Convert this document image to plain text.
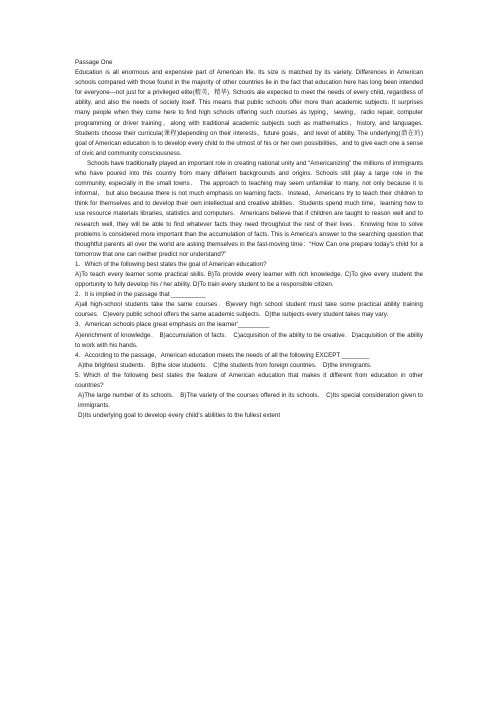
Passage One
Education is all enormous and expensive part of American life. Its size is matched by its variety. Differences in American schools compared with those found in the majority of other countries lie in the fact that education here has long been intended for everyone—not just for a privileged elite(精英，精华). Schools ale expected to meet the needs of every child, regardless of ability, and also the needs of society itself. This means that public schools offer more than academic subjects. It surprises many people when they come here to find high schools offering such courses as typing，sewing，radio repair, computer programming or driver training，along with traditional academic subjects such as mathematics，history, and languages. Students choose their curricula(课程)depending on their interests，future goals，and level of ability. The underlying(潜在的) goal of American education is to develop every child to the utmost of his or her own possibilities，and to give each one a sense of civic and community consciousness.
Schools have traditionally played an important role in creating national unity and “Americanizing” the millions of immigrants who have poured into this country from many different backgrounds and origins. Schools still play a large role in the community, especially in the small towns． The approach to teaching may seem unfamiliar to many, not only because it is informal， but also because there is not much emphasis on learning facts．Instead，Americans try to teach their children to think for themselves and to develop their own intellectual and creative abilities．Students spend much time，learning how to use resource materials libraries, statistics and computers．Americans believe that if children are taught to reason well and to research well, they will be able to find whatever facts they need throughout the rest of their lives．Knowing how to solve problems is considered more important than the accumulation of facts. This is America's answer to the searching question that thoughtful parents all over the world are asking themselves in the fast-moving time：“How Can one prepare today's child for a tomorrow that one can neither predict nor understand?”
1．Which of the following best states the goal of American education?
A)To teach every learner some practical skills. B)To provide every learner with rich knowledge. C)To give every student the opportunity to fully develop his / her ability. D)To train every student to be a responsible citizen.
2．It is implied in the passage that __________
A)all high-school students take the same courses．B)every high school student must take some practical ability training courses．C)every public school offers the same academic subjects．D)the subjects every student takes may vary．
3．American schools place great emphasis on the learner'_________
A)enrichment of knowledge． B)accumulation of facts． C)acquisition of the ability to be creative．D)acquisition of the ability to work with his hands.
4．According to the passage，American education meets the needs of all the following EXCEPT ________
A)the brightest students． B)the slow students． C)the students from foreign countries． D)the immigrants.
5. Which of the following best states the feature of American education that makes it different from education in other countries?
A)The large number of its schools． B)The variety of the courses offered in its schools． C)Its special consideration given to immigrants.
D)Its underlying goal to develop every child's abilities to the fullest extent
